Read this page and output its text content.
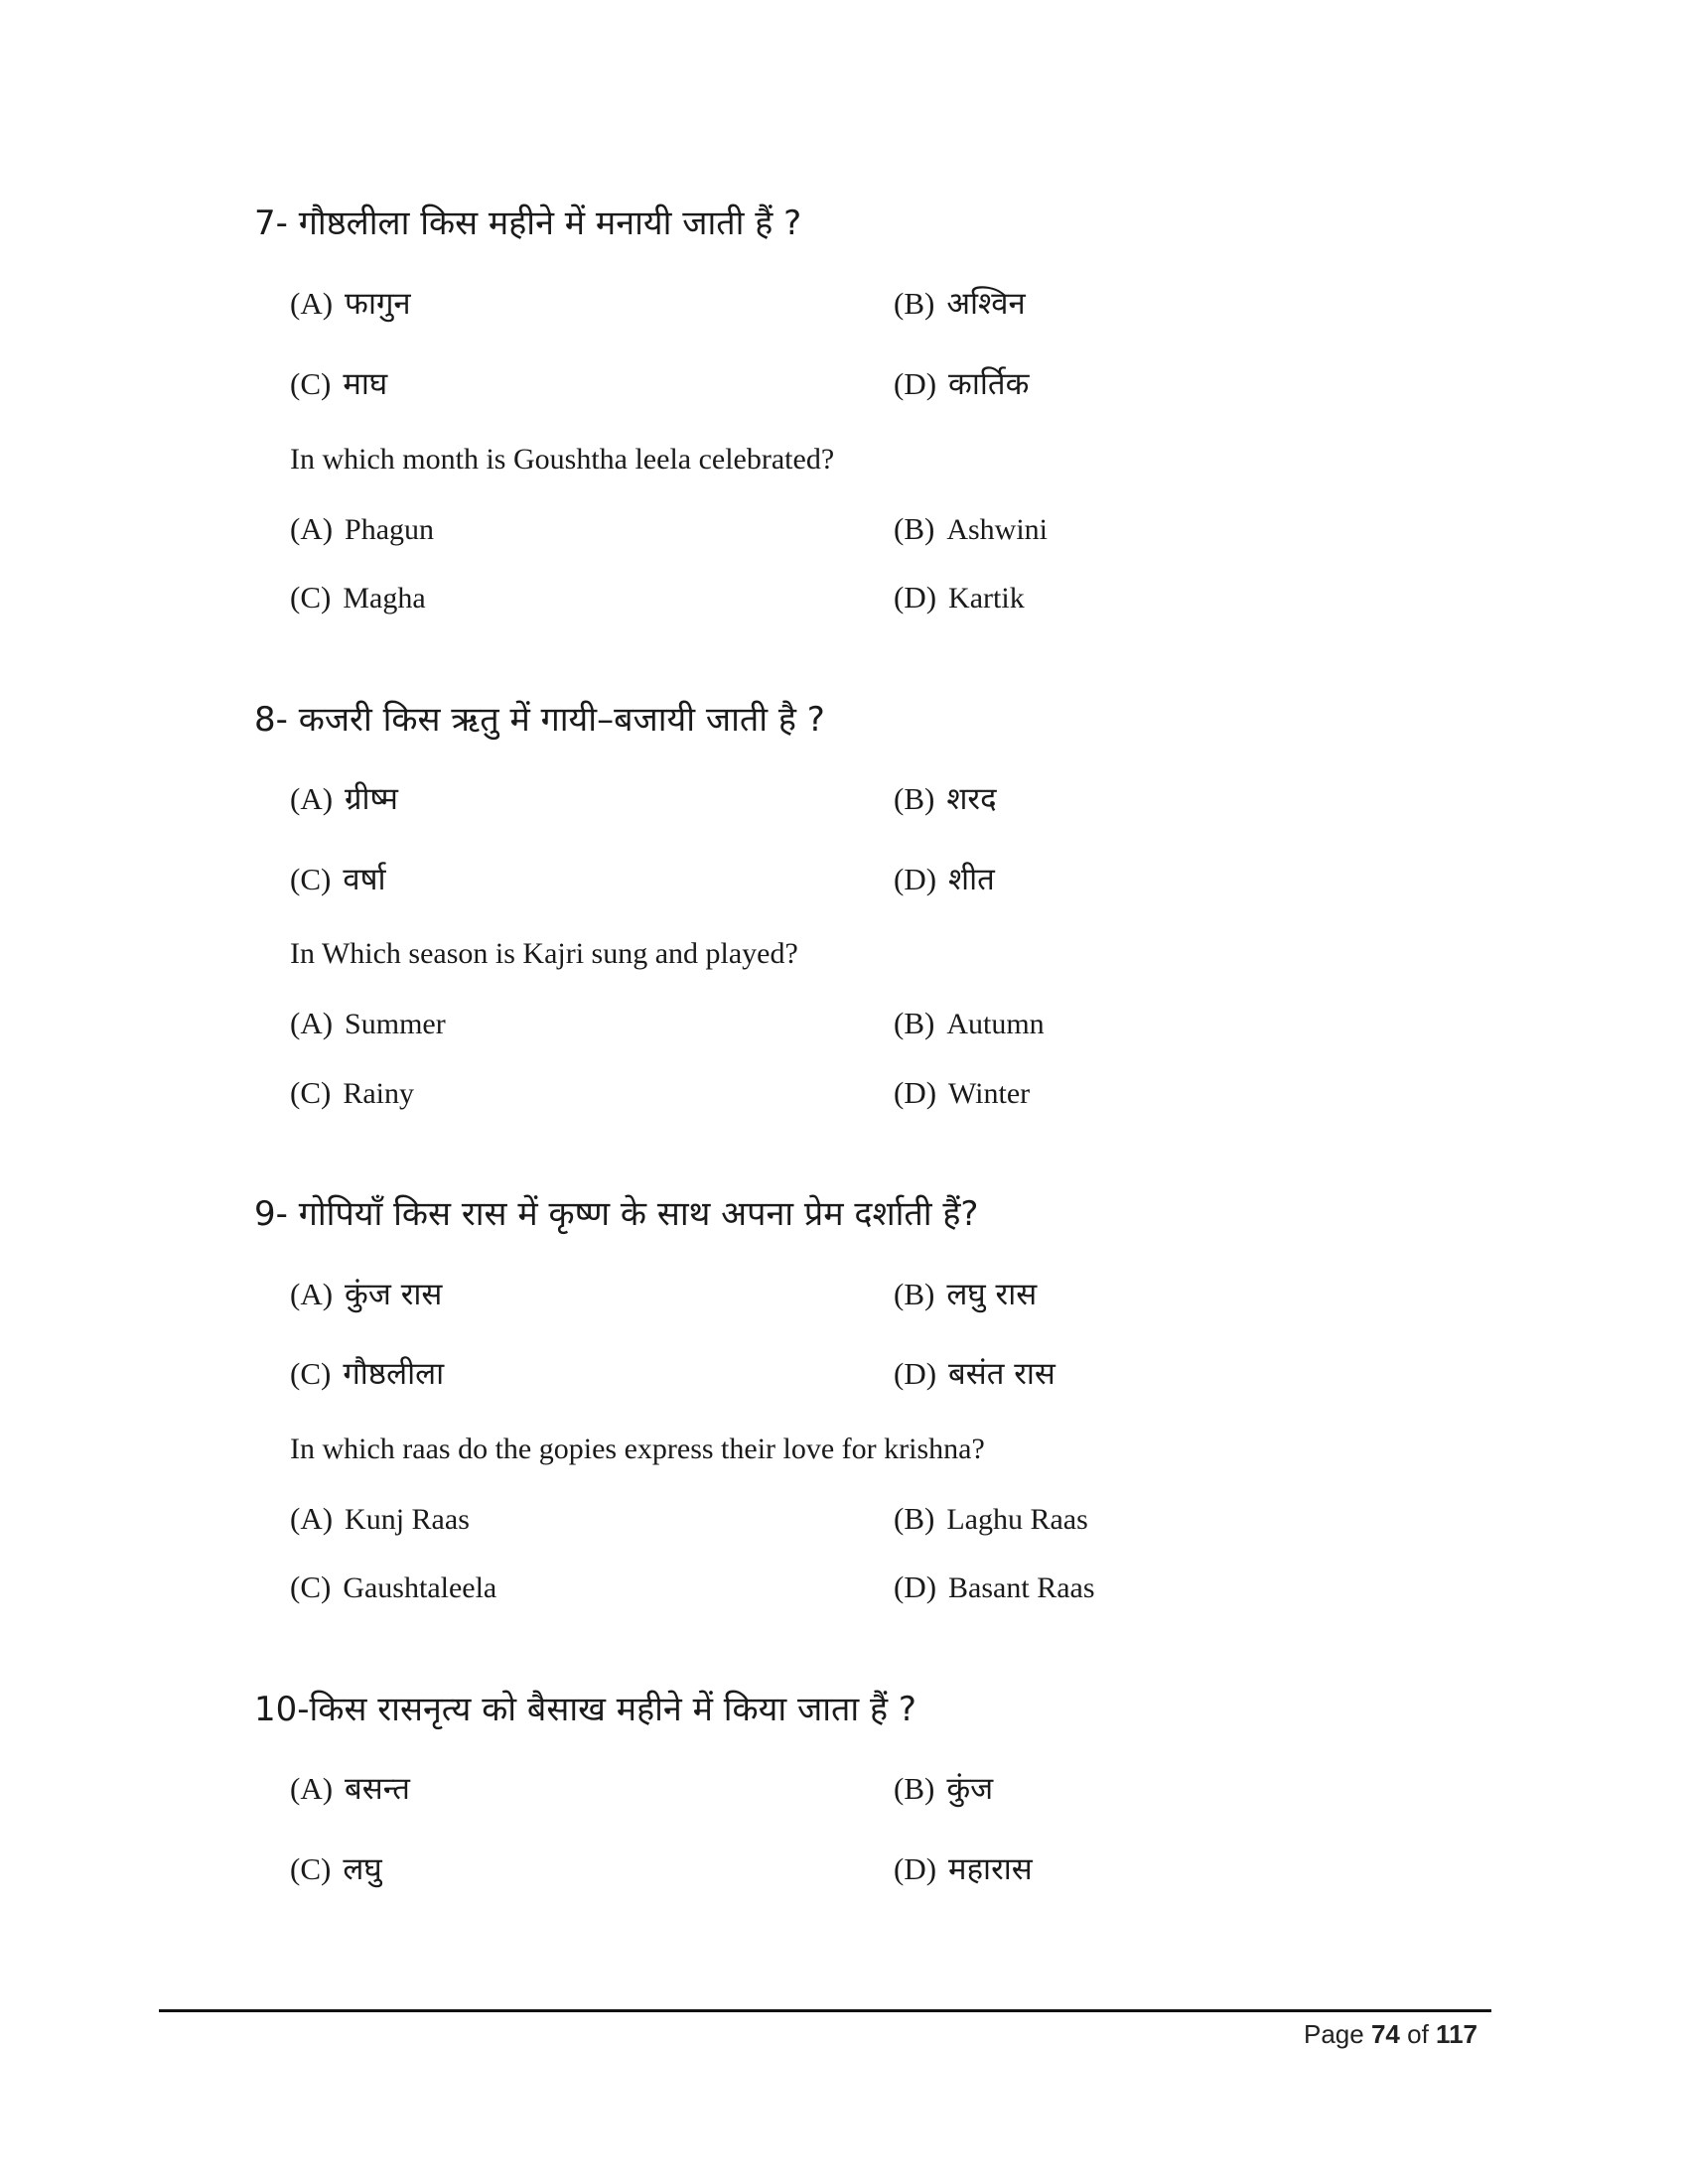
7- गौष्ठलीला किस महीने में मनायी जाती हैं ?
(A) फागुन	(B) अश्विन
(C) माघ	(D) कार्तिक
In which month is Goushtha leela celebrated?
(A) Phagun	(B) Ashwini
(C) Magha	(D) Kartik
8- कजरी किस ऋतु में गायी–बजायी जाती है ?
(A) ग्रीष्म	(B) शरद
(C) वर्षा	(D) शीत
In Which season is Kajri sung and played?
(A) Summer	(B) Autumn
(C) Rainy	(D) Winter
9- गोपियाँ किस रास में कृष्ण के साथ अपना प्रेम दर्शाती हैं?
(A) कुंज रास	(B) लघु रास
(C) गौष्ठलीला	(D) बसंत रास
In which raas do the gopies express their love for krishna?
(A) Kunj Raas	(B) Laghu Raas
(C) Gaushtaleela	(D) Basant Raas
10-किस रासनृत्य को बैसाख महीने में किया जाता हैं ?
(A) बसन्त	(B) कुंज
(C) लघु	(D) महारास
Page 74 of 117
